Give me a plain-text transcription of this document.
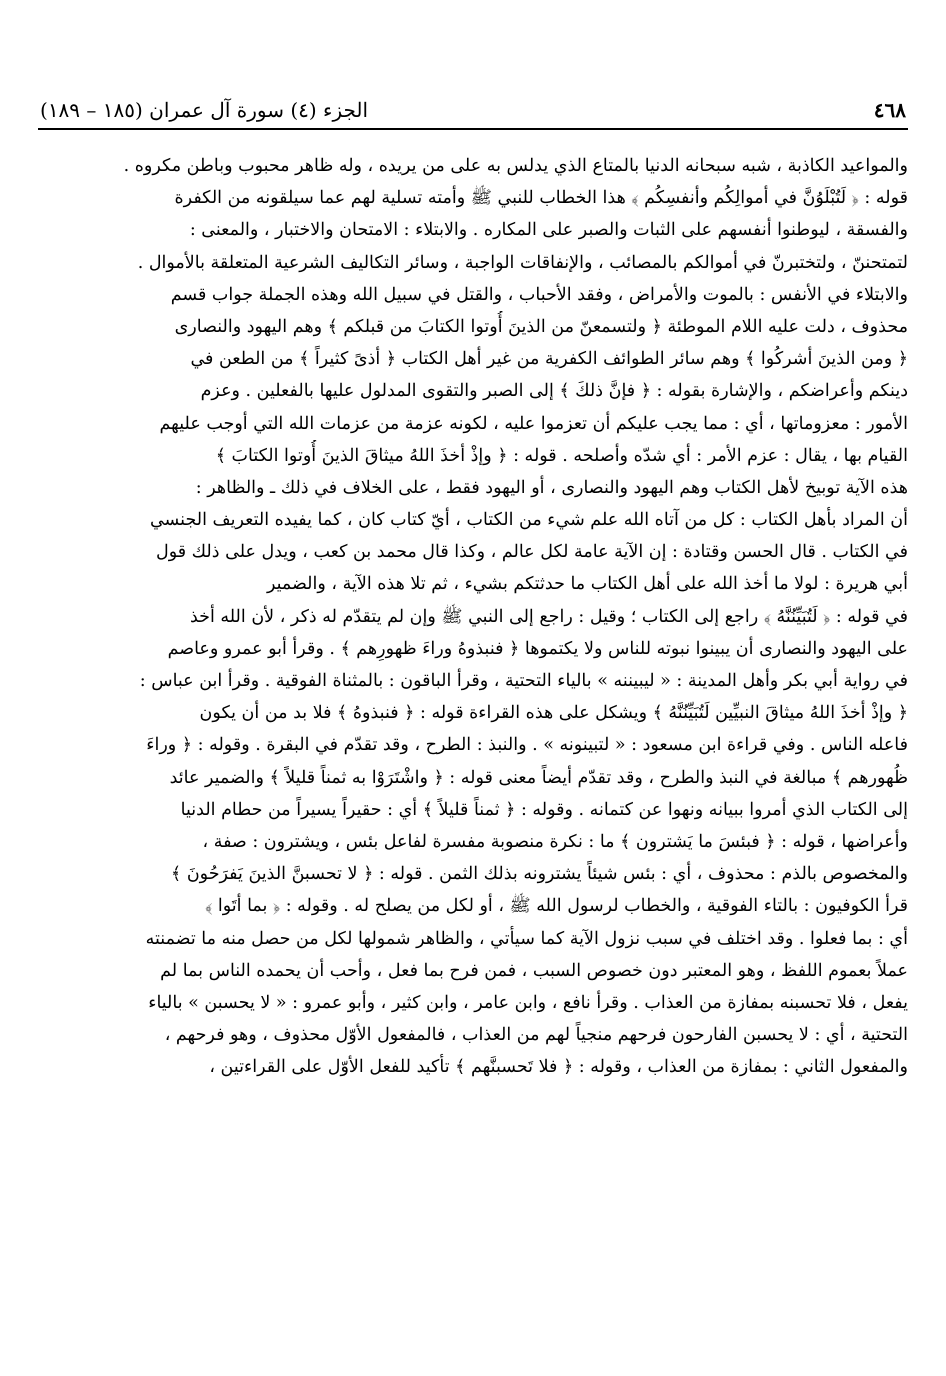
٤٦٨
الجزء (٤) سورة آل عمران (١٨٥ – ١٨٩)
والمواعيد الكاذبة ، شبه سبحانه الدنيا بالمتاع الذي يدلس به على من يريده ، وله ظاهر محبوب وباطن مكروه .
قوله : ﴿ لَتُبْلَوُنَّ في أموالِكُم وأنفسِكُم ﴾ هذا الخطاب للنبي ﷺ وأمته تسلية لهم عما سيلقونه من الكفرة
والفسقة ، ليوطنوا أنفسهم على الثبات والصبر على المكاره . والابتلاء : الامتحان والاختبار ، والمعنى :
لتمتحننّ ، ولتختبرنّ في أموالكم بالمصائب ، والإنفاقات الواجبة ، وسائر التكاليف الشرعية المتعلقة بالأموال .
والابتلاء في الأنفس : بالموت والأمراض ، وفقد الأحباب ، والقتل في سبيل الله وهذه الجملة جواب قسم
محذوف ، دلت عليه اللام الموطئة ﴿ ولتسمعنّ من الذينَ أُوتوا الكتابَ من قبلكم ﴾ وهم اليهود والنصارى
﴿ ومن الذينَ أشركُوا ﴾ وهم سائر الطوائف الكفرية من غير أهل الكتاب ﴿ أذىً كثيراً ﴾ من الطعن في
دينكم وأعراضكم ، والإشارة بقوله : ﴿ فإنَّ ذلكَ ﴾ إلى الصبر والتقوى المدلول عليها بالفعلين . وعزم
الأمور : معزوماتها ، أي : مما يجب عليكم أن تعزموا عليه ، لكونه عزمة من عزمات الله التي أوجب عليهم
القيام بها ، يقال : عزم الأمر : أي شدّه وأصلحه . قوله : ﴿ وإذْ أخذَ اللهُ ميثاقَ الذينَ أُوتوا الكتابَ ﴾
هذه الآية توبيخ لأهل الكتاب وهم اليهود والنصارى ، أو اليهود فقط ، على الخلاف في ذلك ـ والظاهر :
أن المراد بأهل الكتاب : كل من آتاه الله علم شيء من الكتاب ، أيّ كتاب كان ، كما يفيده التعريف الجنسي
في الكتاب . قال الحسن وقتادة : إن الآية عامة لكل عالم ، وكذا قال محمد بن كعب ، ويدل على ذلك قول
أبي هريرة : لولا ما أخذ الله على أهل الكتاب ما حدثتكم بشيء ، ثم تلا هذه الآية ، والضمير
في قوله : ﴿ لَتُبَيِّنُنَّهُ ﴾ راجع إلى الكتاب ؛ وقيل : راجع إلى النبي ﷺ وإن لم يتقدّم له ذكر ، لأن الله أخذ
على اليهود والنصارى أن يبينوا نبوته للناس ولا يكتموها ﴿ فنبذوهُ وراءَ ظهورِهم ﴾ . وقرأ أبو عمرو وعاصم
في رواية أبي بكر وأهل المدينة : « ليبيننه » بالياء التحتية ، وقرأ الباقون : بالمثناة الفوقية . وقرأ ابن عباس :
﴿ وإذْ أخذَ اللهُ ميثاقَ النبيِّين لَتُبَيِّنُنَّهُ ﴾ ويشكل على هذه القراءة قوله : ﴿ فنبذوهُ ﴾ فلا بد من أن يكون
فاعله الناس . وفي قراءة ابن مسعود : « لتبينونه » . والنبذ : الطرح ، وقد تقدّم في البقرة . وقوله : ﴿ وراءَ
ظُهورهم ﴾ مبالغة في النبذ والطرح ، وقد تقدّم أيضاً معنى قوله : ﴿ واشْتَرَوْا به ثمناً قليلاً ﴾ والضمير عائد
إلى الكتاب الذي أمروا ببيانه ونهوا عن كتمانه . وقوله : ﴿ ثمناً قليلاً ﴾ أي : حقيراً يسيراً من حطام الدنيا
وأعراضها ، قوله : ﴿ فبئسَ ما يَشترون ﴾ ما : نكرة منصوبة مفسرة لفاعل بئس ، ويشترون : صفة ،
والمخصوص بالذم : محذوف ، أي : بئس شيئاً يشترونه بذلك الثمن . قوله : ﴿ لا تحسبنَّ الذينَ يَفرَحُونَ ﴾
قرأ الكوفيون : بالتاء الفوقية ، والخطاب لرسول الله ﷺ ، أو لكل من يصلح له . وقوله : ﴿ بما أتَوا ﴾
أي : بما فعلوا . وقد اختلف في سبب نزول الآية كما سيأتي ، والظاهر شمولها لكل من حصل منه ما تضمنته
عملاً بعموم اللفظ ، وهو المعتبر دون خصوص السبب ، فمن فرح بما فعل ، وأحب أن يحمده الناس بما لم
يفعل ، فلا تحسبنه بمفازة من العذاب . وقرأ نافع ، وابن عامر ، وابن كثير ، وأبو عمرو : « لا يحسبن » بالياء
التحتية ، أي : لا يحسبن الفارحون فرحهم منجياً لهم من العذاب ، فالمفعول الأوّل محذوف ، وهو فرحهم ،
والمفعول الثاني : بمفازة من العذاب ، وقوله : ﴿ فلا تَحسبنَّهم ﴾ تأكيد للفعل الأوّل على القراءتين ،
